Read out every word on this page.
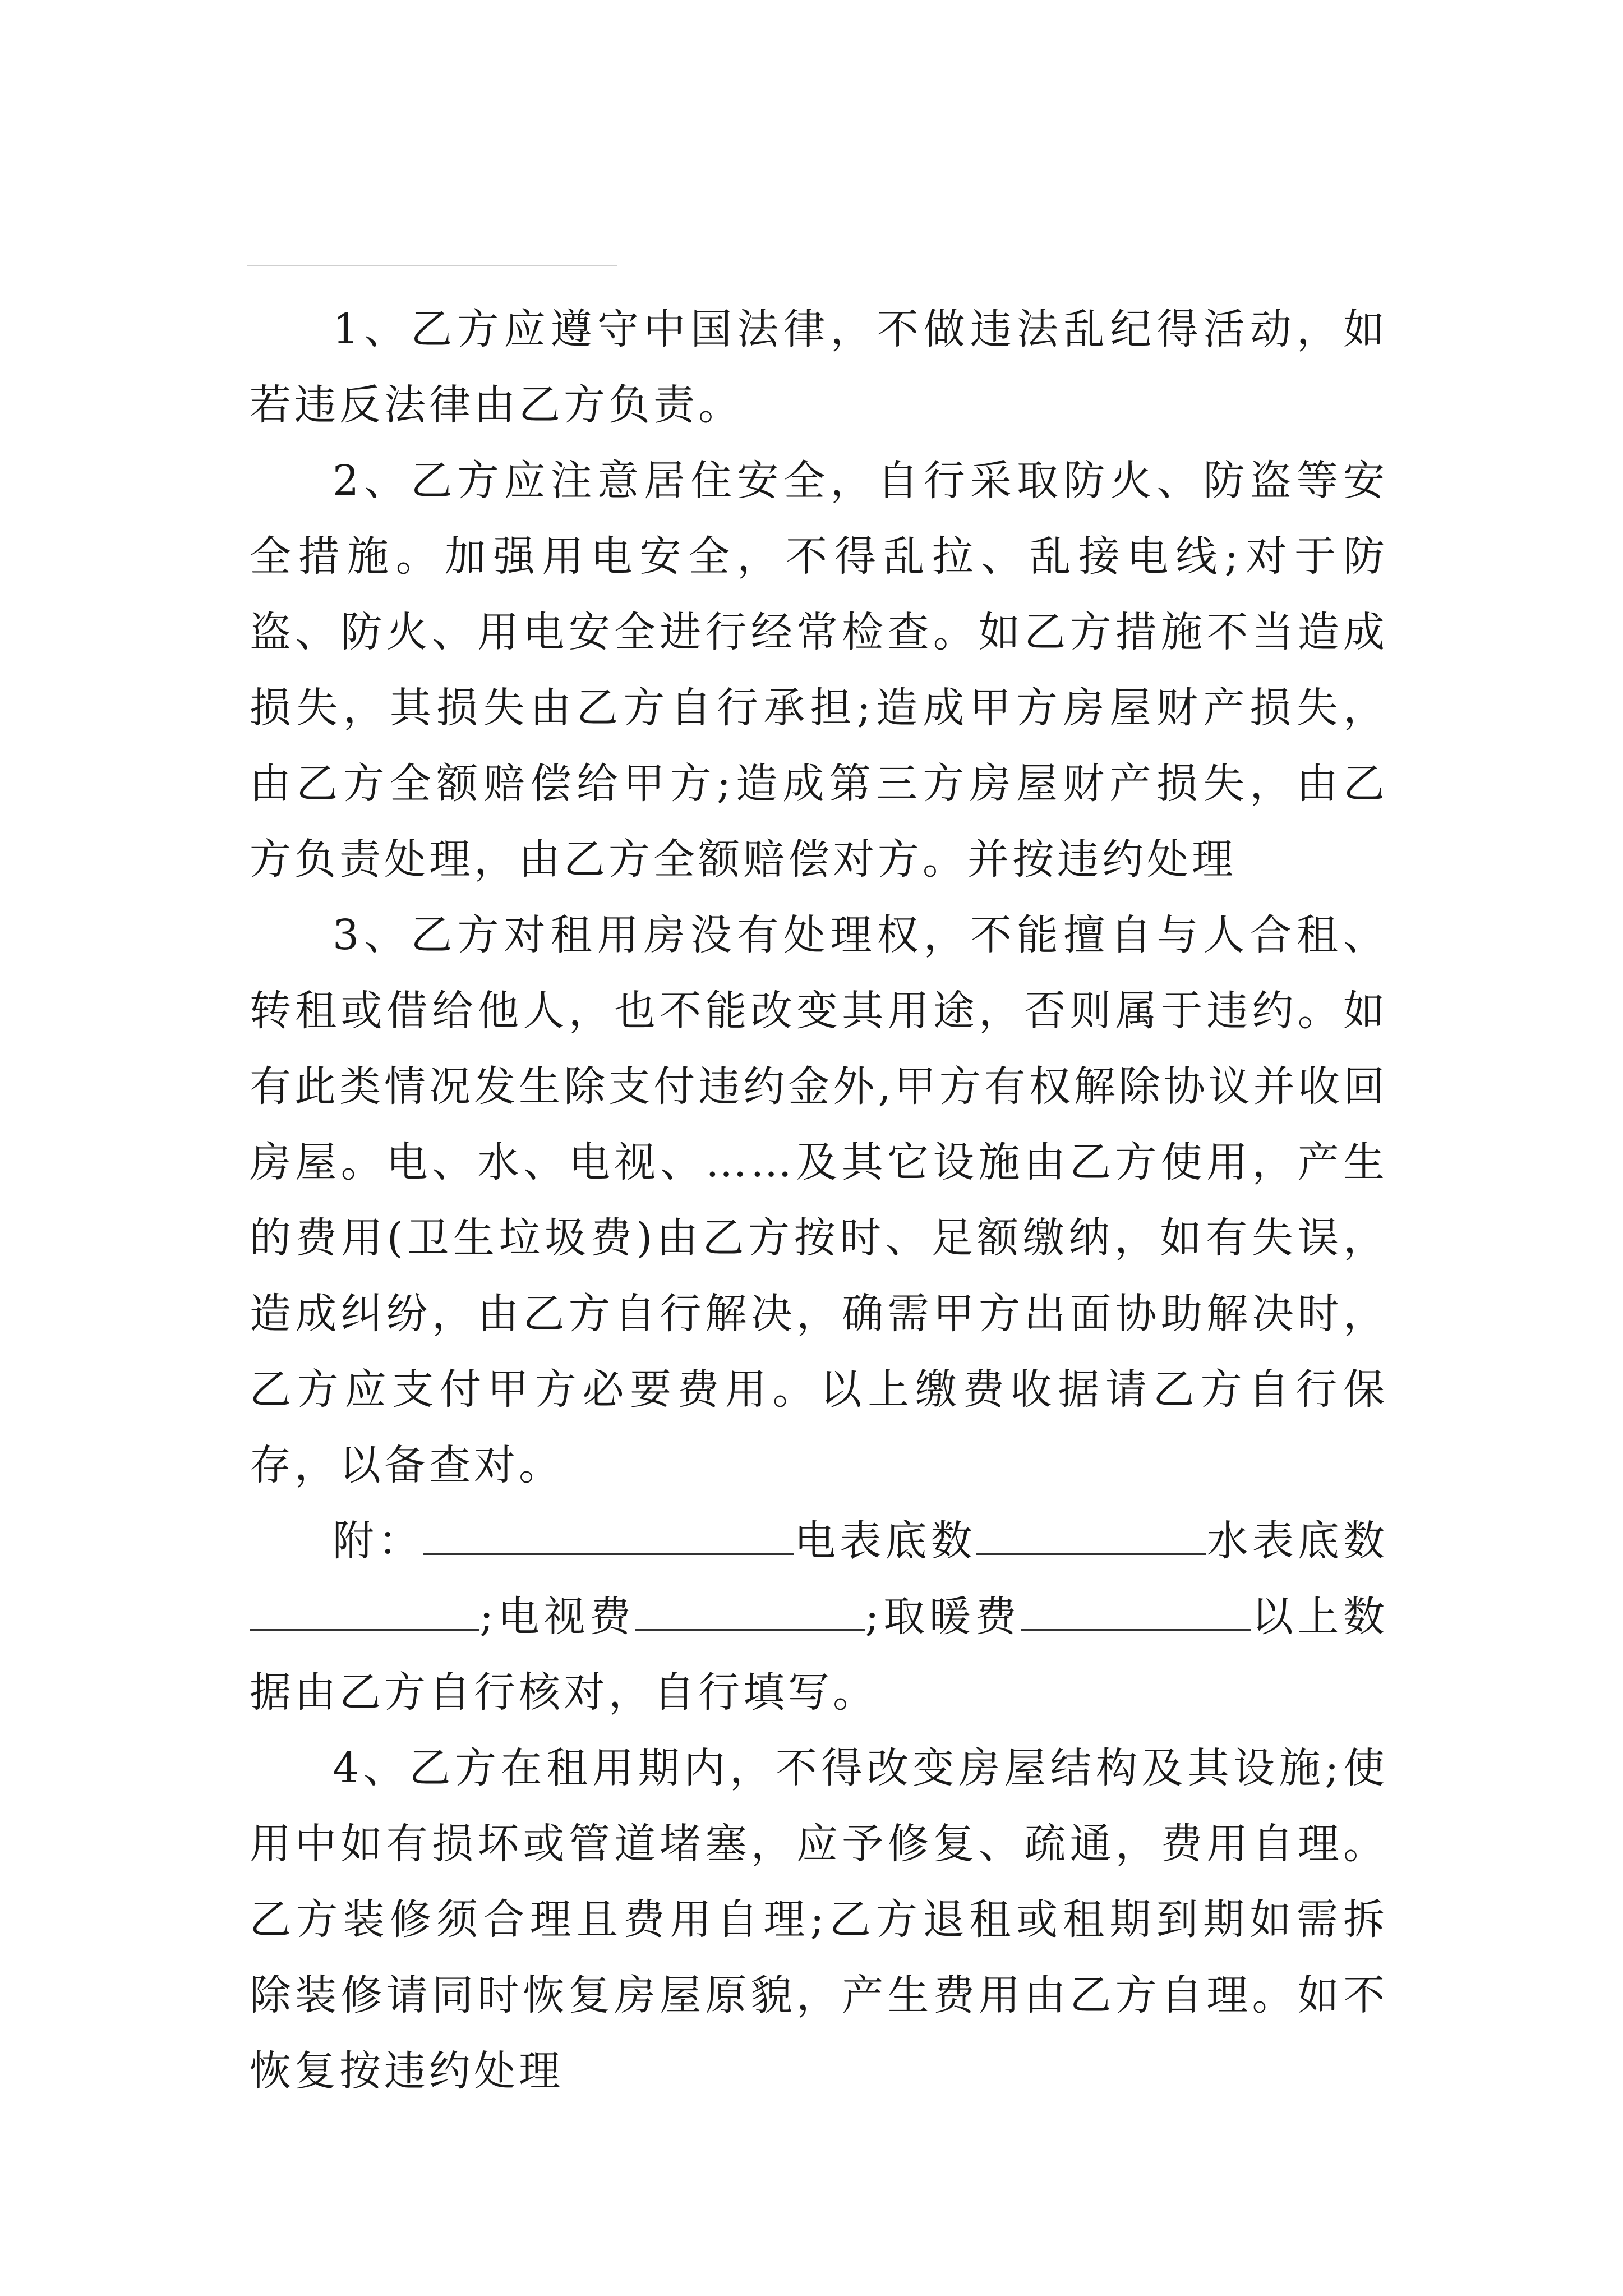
1、乙方应遵守中国法律，不做违法乱纪得活动，如若违反法律由乙方负责。

2、乙方应注意居住安全，自行采取防火、防盗等安全措施。加强用电安全，不得乱拉、乱接电线;对于防盗、防火、用电安全进行经常检查。如乙方措施不当造成损失，其损失由乙方自行承担;造成甲方房屋财产损失，由乙方全额赔偿给甲方;造成第三方房屋财产损失，由乙方负责处理，由乙方全额赔偿对方。并按违约处理

3、乙方对租用房没有处理权，不能擅自与人合租、转租或借给他人，也不能改变其用途，否则属于违约。如有此类情况发生除支付违约金外,甲方有权解除协议并收回房屋。电、水、电视、……及其它设施由乙方使用，产生的费用(卫生垃圾费)由乙方按时、足额缴纳，如有失误，造成纠纷，由乙方自行解决，确需甲方出面协助解决时，乙方应支付甲方必要费用。以上缴费收据请乙方自行保存，以备查对。

附：	电表底数	水表底数;电视费	;取暖费	以上数据由乙方自行核对，自行填写。

4、乙方在租用期内，不得改变房屋结构及其设施;使用中如有损坏或管道堵塞，应予修复、疏通，费用自理。乙方装修须合理且费用自理;乙方退租或租期到期如需拆除装修请同时恢复房屋原貌，产生费用由乙方自理。如不恢复按违约处理
